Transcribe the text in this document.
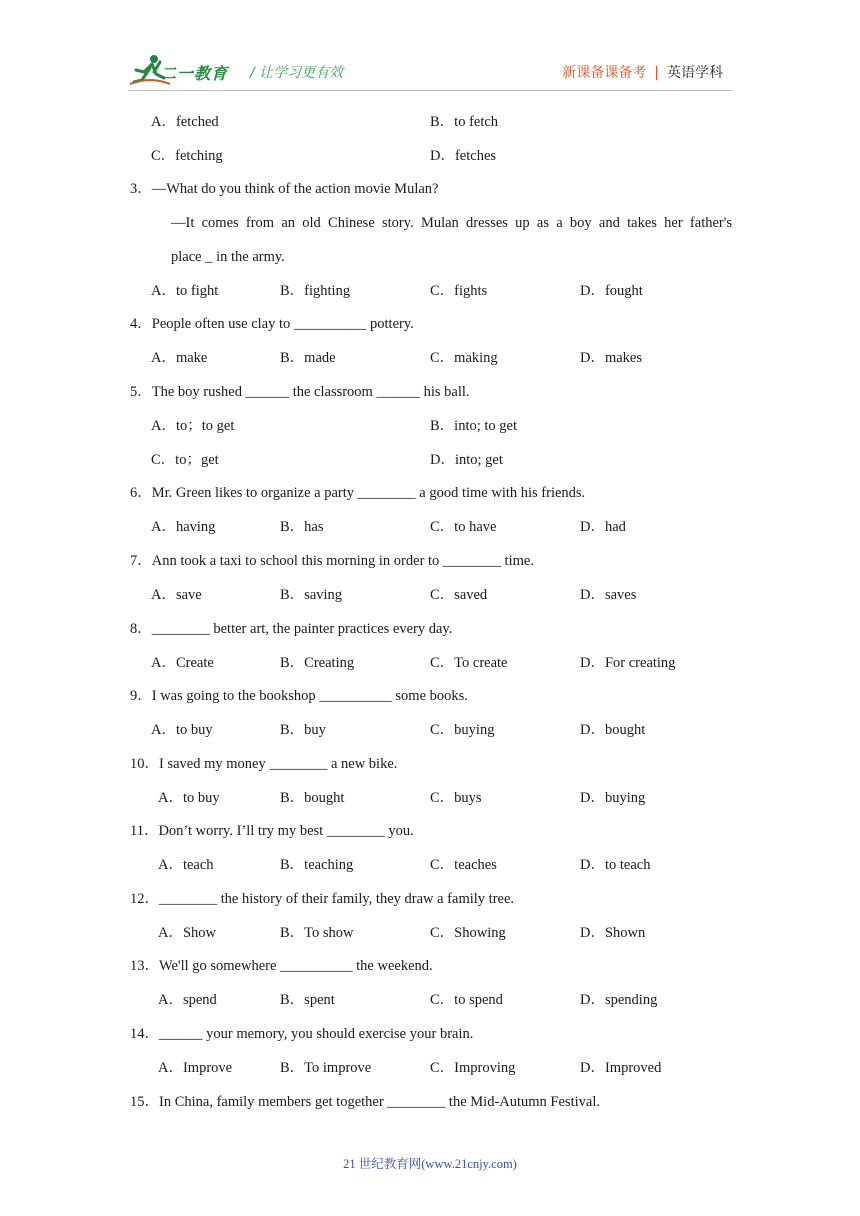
二一教育 / 让学习更有效	新课备课备考 | 英语学科
A．fetched	B．to fetch
C．fetching	D．fetches
3．—What do you think of the action movie Mulan?
—It comes from an old Chinese story. Mulan dresses up as a boy and takes her father's
place _ in the army.
A．to fight	B．fighting	C．fights	D．fought
4．People often use clay to __________ pottery.
A．make	B．made	C．making	D．makes
5．The boy rushed ______ the classroom ______ his ball.
A．to；to get	B．into; to get
C．to；get	D．into; get
6．Mr. Green likes to organize a party ________ a good time with his friends.
A．having	B．has	C．to have	D．had
7．Ann took a taxi to school this morning in order to ________ time.
A．save	B．saving	C．saved	D．saves
8．________ better art, the painter practices every day.
A．Create	B．Creating	C．To create	D．For creating
9．I was going to the bookshop __________ some books.
A．to buy	B．buy	C．buying	D．bought
10．I saved my money ________ a new bike.
A．to buy	B．bought	C．buys	D．buying
11．Don’t worry. I’ll try my best ________ you.
A．teach	B．teaching	C．teaches	D．to teach
12．________ the history of their family, they draw a family tree.
A．Show	B．To show	C．Showing	D．Shown
13．We'll go somewhere __________ the weekend.
A．spend	B．spent	C．to spend	D．spending
14．______ your memory, you should exercise your brain.
A．Improve	B．To improve	C．Improving	D．Improved
15．In China, family members get together ________ the Mid-Autumn Festival.
21 世纪教育网(www.21cnjy.com)
